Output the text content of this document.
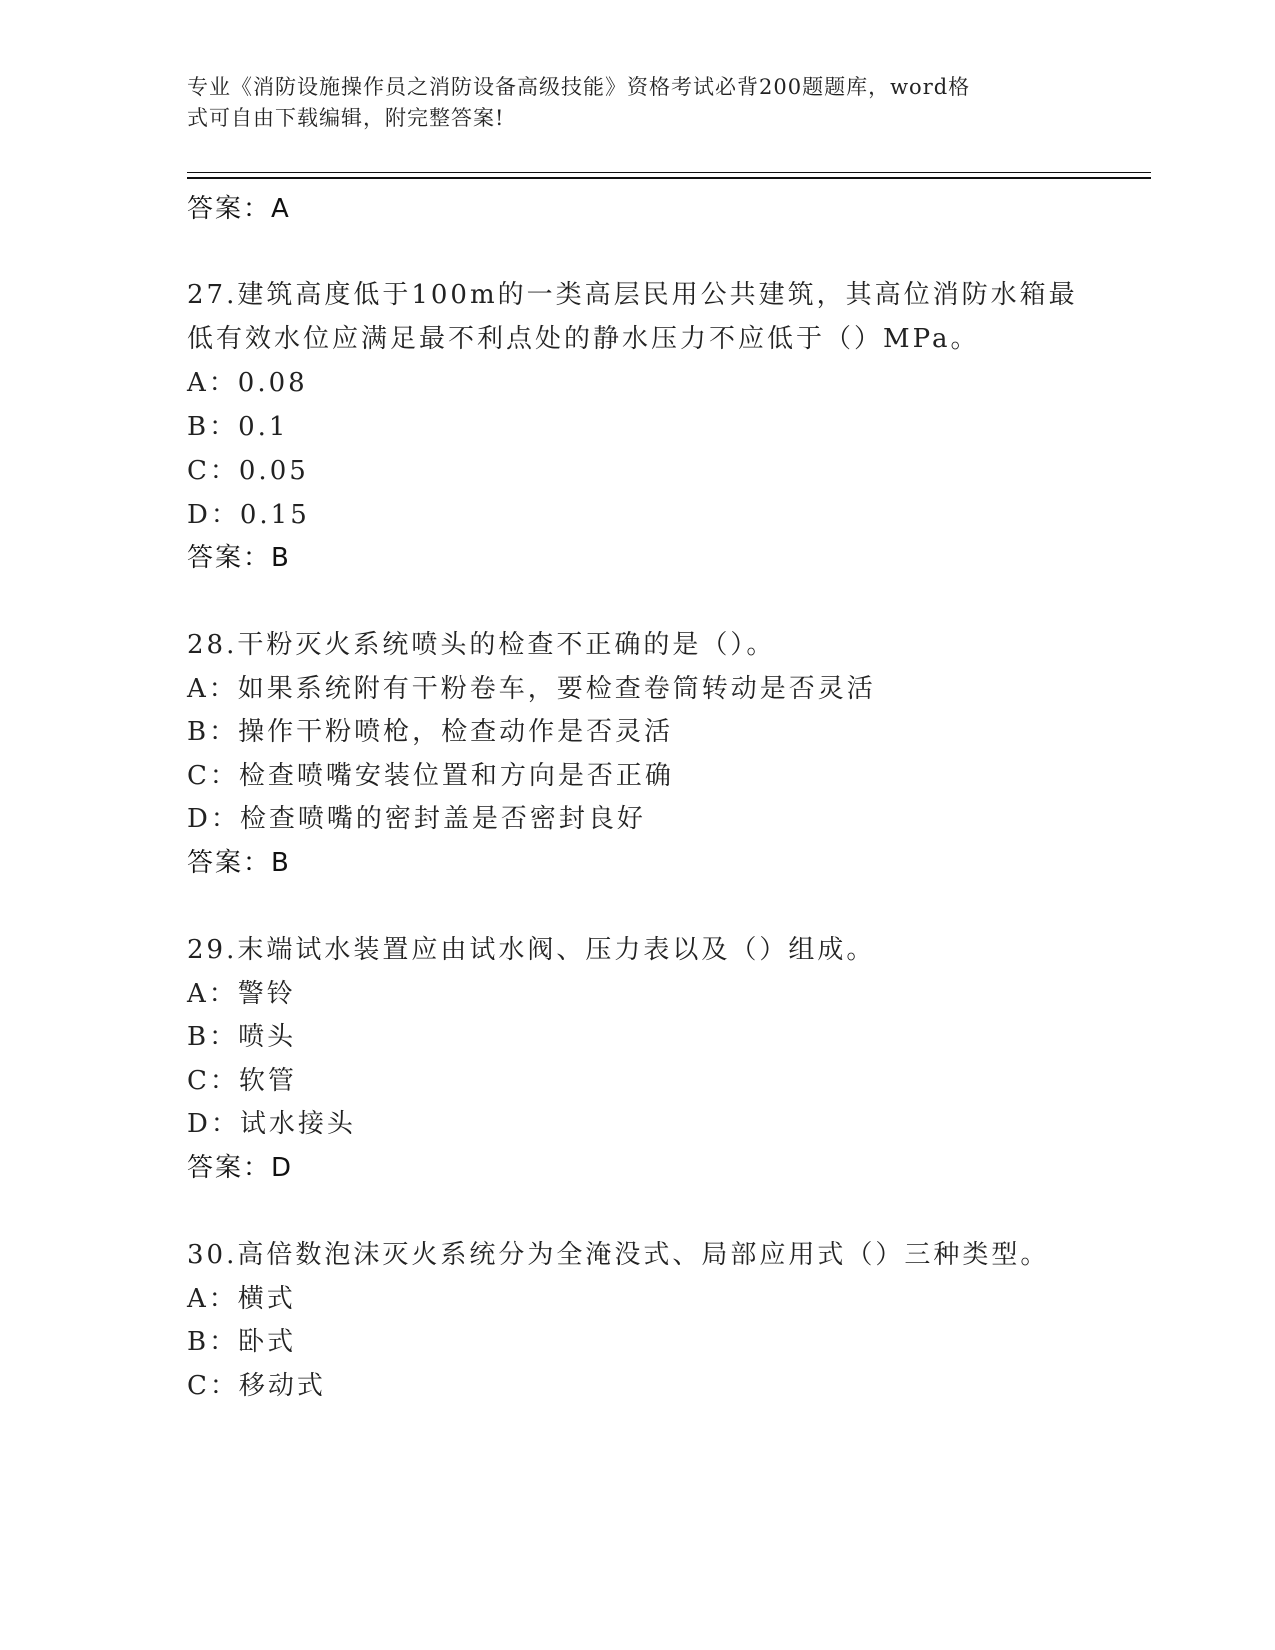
专业《消防设施操作员之消防设备高级技能》资格考试必背200题题库，word格
式可自由下载编辑，附完整答案!
答案：A
27.建筑高度低于100m的一类高层民用公共建筑，其高位消防水箱最
低有效水位应满足最不利点处的静水压力不应低于（）MPa。
A：0.08
B：0.1
C：0.05
D：0.15
答案：B
28.干粉灭火系统喷头的检查不正确的是（）。
A：如果系统附有干粉卷车，要检查卷筒转动是否灵活
B：操作干粉喷枪，检查动作是否灵活
C：检查喷嘴安装位置和方向是否正确
D：检查喷嘴的密封盖是否密封良好
答案：B
29.末端试水装置应由试水阀、压力表以及（）组成。
A：警铃
B：喷头
C：软管
D：试水接头
答案：D
30.高倍数泡沫灭火系统分为全淹没式、局部应用式（）三种类型。
A：横式
B：卧式
C：移动式
